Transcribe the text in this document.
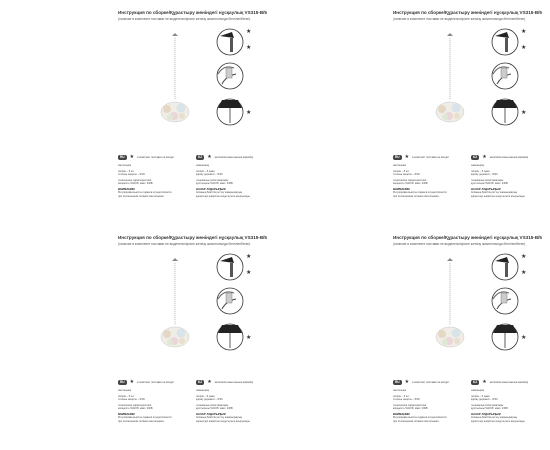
★
★
★
Инструкция по сборке/Құрастыру жөніндегі нұсқаулық VS315-B/5
(наличие в комплекте поставки не выделено/кіріспе жеткізу жиынтығында белгіленбеген)
RU	★ в комплект поставки не входит	KZ	★ жеткізілім жиынтығына кірмейді
светильник
патрон – 5 шт.
степень защиты – IP20
технические характеристики:
мощность 5х40 Вт макс. 230В
ВНИМАНИЕ!
Регулировка высоты подвеса осуществляется
при отключенном питании светильника.
шамшырақ
патрон – 5 дана
қорғау дәрежесі – IP20
техникалық сипаттамалары:
қуаттылығы 5х40 Вт макс. 230В
НАЗАР АУДАРЫҢЫЗ!
Аспаның биіктігін реттеу шамшырақтың
қоректенуі өшірілген кезде жүзеге асырылады.
★
★
★
Инструкция по сборке/Құрастыру жөніндегі нұсқаулық VS315-B/5
(наличие в комплекте поставки не выделено/кіріспе жеткізу жиынтығында белгіленбеген)
RU	★ в комплект поставки не входит	KZ	★ жеткізілім жиынтығына кірмейді
светильник
патрон – 5 шт.
степень защиты – IP20
технические характеристики:
мощность 5х40 Вт макс. 230В
ВНИМАНИЕ!
Регулировка высоты подвеса осуществляется
при отключенном питании светильника.
шамшырақ
патрон – 5 дана
қорғау дәрежесі – IP20
техникалық сипаттамалары:
қуаттылығы 5х40 Вт макс. 230В
НАЗАР АУДАРЫҢЫЗ!
Аспаның биіктігін реттеу шамшырақтың
қоректенуі өшірілген кезде жүзеге асырылады.
★
★
★
Инструкция по сборке/Құрастыру жөніндегі нұсқаулық VS315-B/5
(наличие в комплекте поставки не выделено/кіріспе жеткізу жиынтығында белгіленбеген)
RU	★ в комплект поставки не входит	KZ	★ жеткізілім жиынтығына кірмейді
светильник
патрон – 5 шт.
степень защиты – IP20
технические характеристики:
мощность 5х40 Вт макс. 230В
ВНИМАНИЕ!
Регулировка высоты подвеса осуществляется
при отключенном питании светильника.
шамшырақ
патрон – 5 дана
қорғау дәрежесі – IP20
техникалық сипаттамалары:
қуаттылығы 5х40 Вт макс. 230В
НАЗАР АУДАРЫҢЫЗ!
Аспаның биіктігін реттеу шамшырақтың
қоректенуі өшірілген кезде жүзеге асырылады.
★
★
★
Инструкция по сборке/Құрастыру жөніндегі нұсқаулық VS315-B/5
(наличие в комплекте поставки не выделено/кіріспе жеткізу жиынтығында белгіленбеген)
RU	★ в комплект поставки не входит	KZ	★ жеткізілім жиынтығына кірмейді
светильник
патрон – 5 шт.
степень защиты – IP20
технические характеристики:
мощность 5х40 Вт макс. 230В
ВНИМАНИЕ!
Регулировка высоты подвеса осуществляется
при отключенном питании светильника.
шамшырақ
патрон – 5 дана
қорғау дәрежесі – IP20
техникалық сипаттамалары:
қуаттылығы 5х40 Вт макс. 230В
НАЗАР АУДАРЫҢЫЗ!
Аспаның биіктігін реттеу шамшырақтың
қоректенуі өшірілген кезде жүзеге асырылады.
